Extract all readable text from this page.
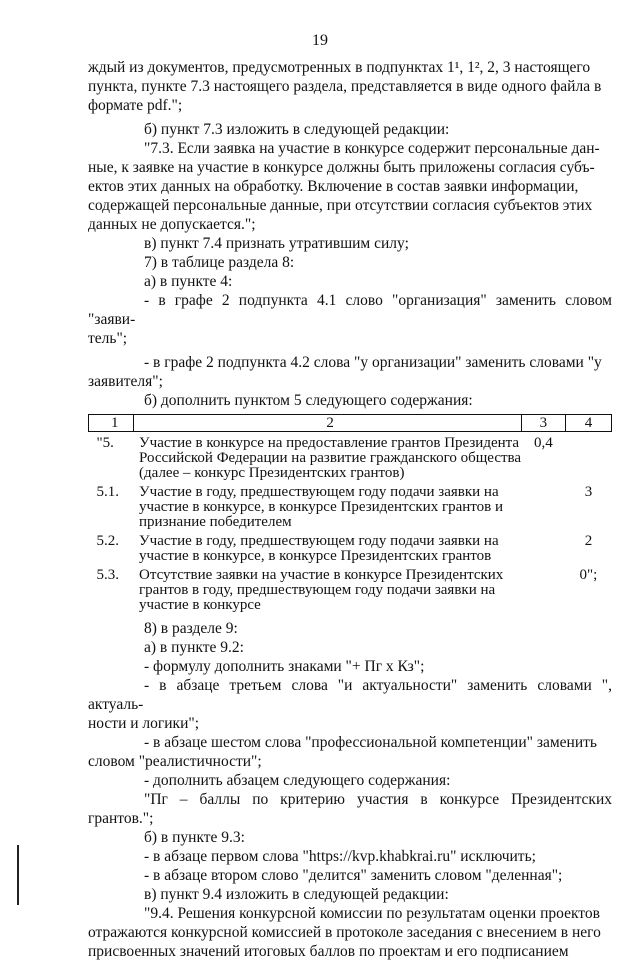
19

ждый из документов, предусмотренных в подпунктах 1¹, 1², 2, 3 настоящего

пункта, пункте 7.3 настоящего раздела, представляется в виде одного файла в

формате pdf.";

б) пункт 7.3 изложить в следующей редакции:

"7.3. Если заявка на участие в конкурсе содержит персональные дан-

ные, к заявке на участие в конкурсе должны быть приложены согласия субъ-

ектов этих данных на обработку. Включение в состав заявки информации,

содержащей персональные данные, при отсутствии согласия субъектов этих

данных не допускается.";

в) пункт 7.4 признать утратившим силу;

7) в таблице раздела 8:

а) в пункте 4:

- в графе 2 подпункта 4.1 слово "организация" заменить словом "заяви-

тель";

- в графе 2 подпункта 4.2 слова "у организации" заменить словами "у

заявителя";

б) дополнить пунктом 5 следующего содержания:

1	2	3	4
"5.	Участие в конкурсе на предоставление грантов Президента Российской Федерации на развитие гражданского общества (далее – конкурс Президентских грантов)	0,4	
5.1.	Участие в году, предшествующем году подачи заявки на участие в конкурсе, в конкурсе Президентских грантов и признание победителем		3
5.2.	Участие в году, предшествующем году подачи заявки на участие в конкурсе, в конкурсе Президентских грантов		2
5.3.	Отсутствие заявки на участие в конкурсе Президентских грантов в году, предшествующем году подачи заявки на участие в конкурсе		0";

8) в разделе 9:

а) в пункте 9.2:

- формулу дополнить знаками "+ Пг х Кз";

- в абзаце третьем слова "и актуальности" заменить словами ", актуаль-

ности и логики";

- в абзаце шестом слова "профессиональной компетенции" заменить

словом "реалистичности";

- дополнить абзацем следующего содержания:

"Пг – баллы по критерию участия в конкурсе Президентских грантов.";

б) в пункте 9.3:

- в абзаце первом слова "https://kvp.khabkrai.ru" исключить;

- в абзаце втором слово "делится" заменить словом "деленная";

в) пункт 9.4 изложить в следующей редакции:

"9.4. Решения конкурсной комиссии по результатам оценки проектов

отражаются конкурсной комиссией в протоколе заседания с внесением в него

присвоенных значений итоговых баллов по проектам и его подписанием
